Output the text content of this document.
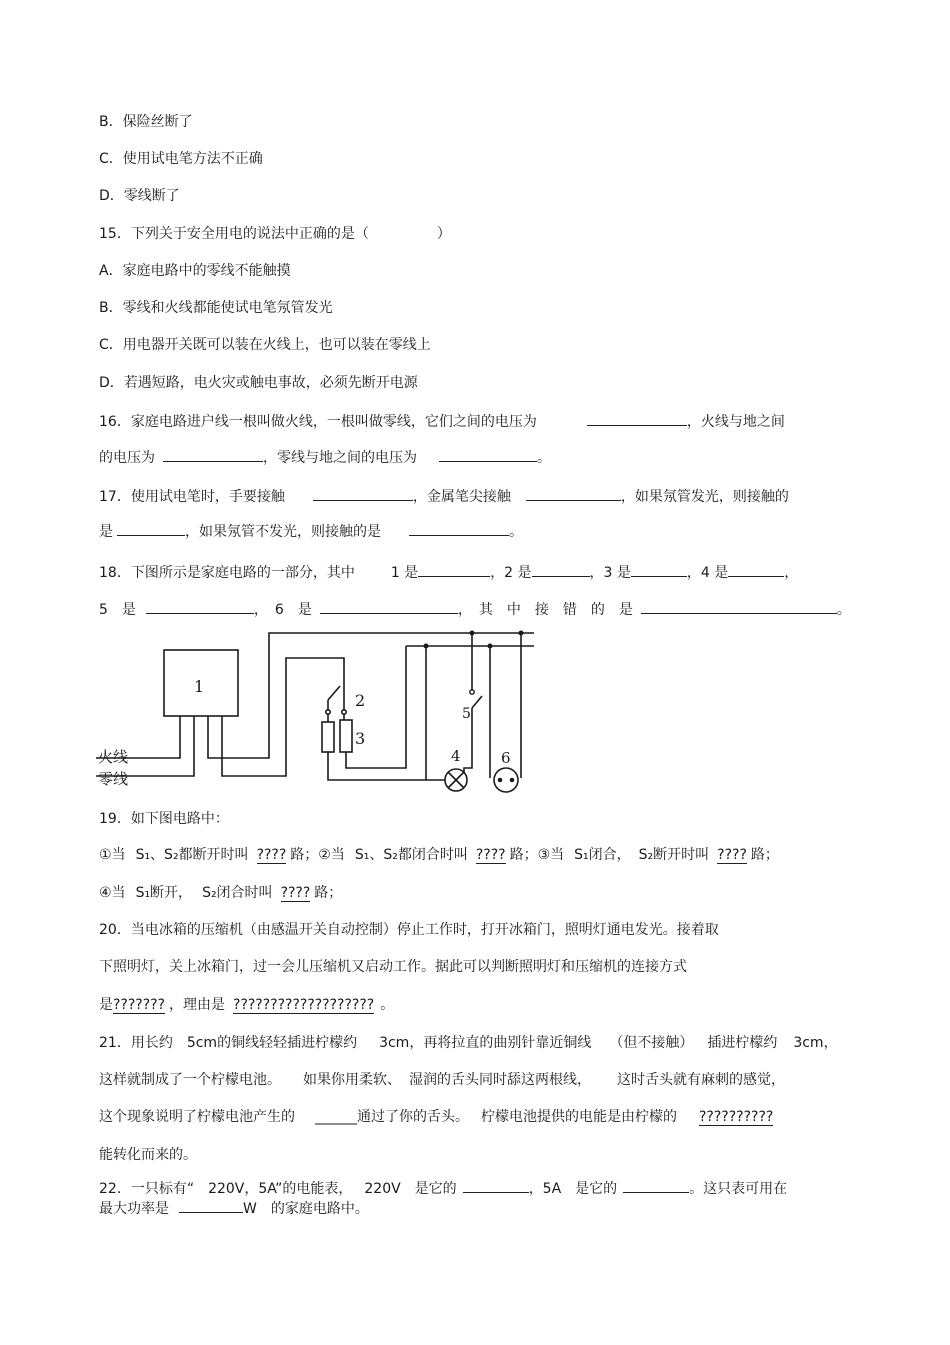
B．保险丝断了
C．使用试电笔方法不正确
D．零线断了
15．下列关于安全用电的说法中正确的是（	）
A．家庭电路中的零线不能触摸
B．零线和火线都能使试电笔氖管发光
C．用电器开关既可以装在火线上，也可以装在零线上
D．若遇短路，电火灾或触电事故，必须先断开电源
16．家庭电路进户线一根叫做火线，一根叫做零线，它们之间的电压为	，火线与地之间
的电压为	，零线与地之间的电压为	。
17．使用试电笔时，手要接触	，金属笔尖接触	，如果氖管发光，则接触的
是	，如果氖管不发光，则接触的是	。
18．下图所示是家庭电路的一部分，其中	1 是	，2 是	，3 是	，4 是	，
5　是	，　6　是	，　其　中　接　错　的　是	。
1
2
3
4
5
6
火线
零线
19．如下图电路中：
①当 S₁、S₂都断开时叫 ???? 路；②当 S₁、S₂都闭合时叫 ???? 路；③当 S₁闭合， S₂断开时叫 ???? 路；
④当 S₁断开， S₂闭合时叫 ???? 路；
20．当电冰箱的压缩机（由感温开关自动控制）停止工作时，打开冰箱门，照明灯通电发光。接着取
下照明灯，关上冰箱门，过一会儿压缩机又启动工作。据此可以判断照明灯和压缩机的连接方式
是??????? ，理由是 ??????????????????? 。
21．用长约 5cm的铜线轻轻插进柠檬约 3cm，再将拉直的曲别针靠近铜线 （但不接触） 插进柠檬约 3cm，
这样就制成了一个柠檬电池。 如果你用柔软、 湿润的舌头同时舔这两根线， 这时舌头就有麻刺的感觉，
这个现象说明了柠檬电池产生的 ______通过了你的舌头。 柠檬电池提供的电能是由柠檬的 ??????????
能转化而来的。
22．一只标有“　220V，5A”的电能表， 220V　是它的	，5A　是它的	。这只表可用在
最大功率是	W　的家庭电路中。
